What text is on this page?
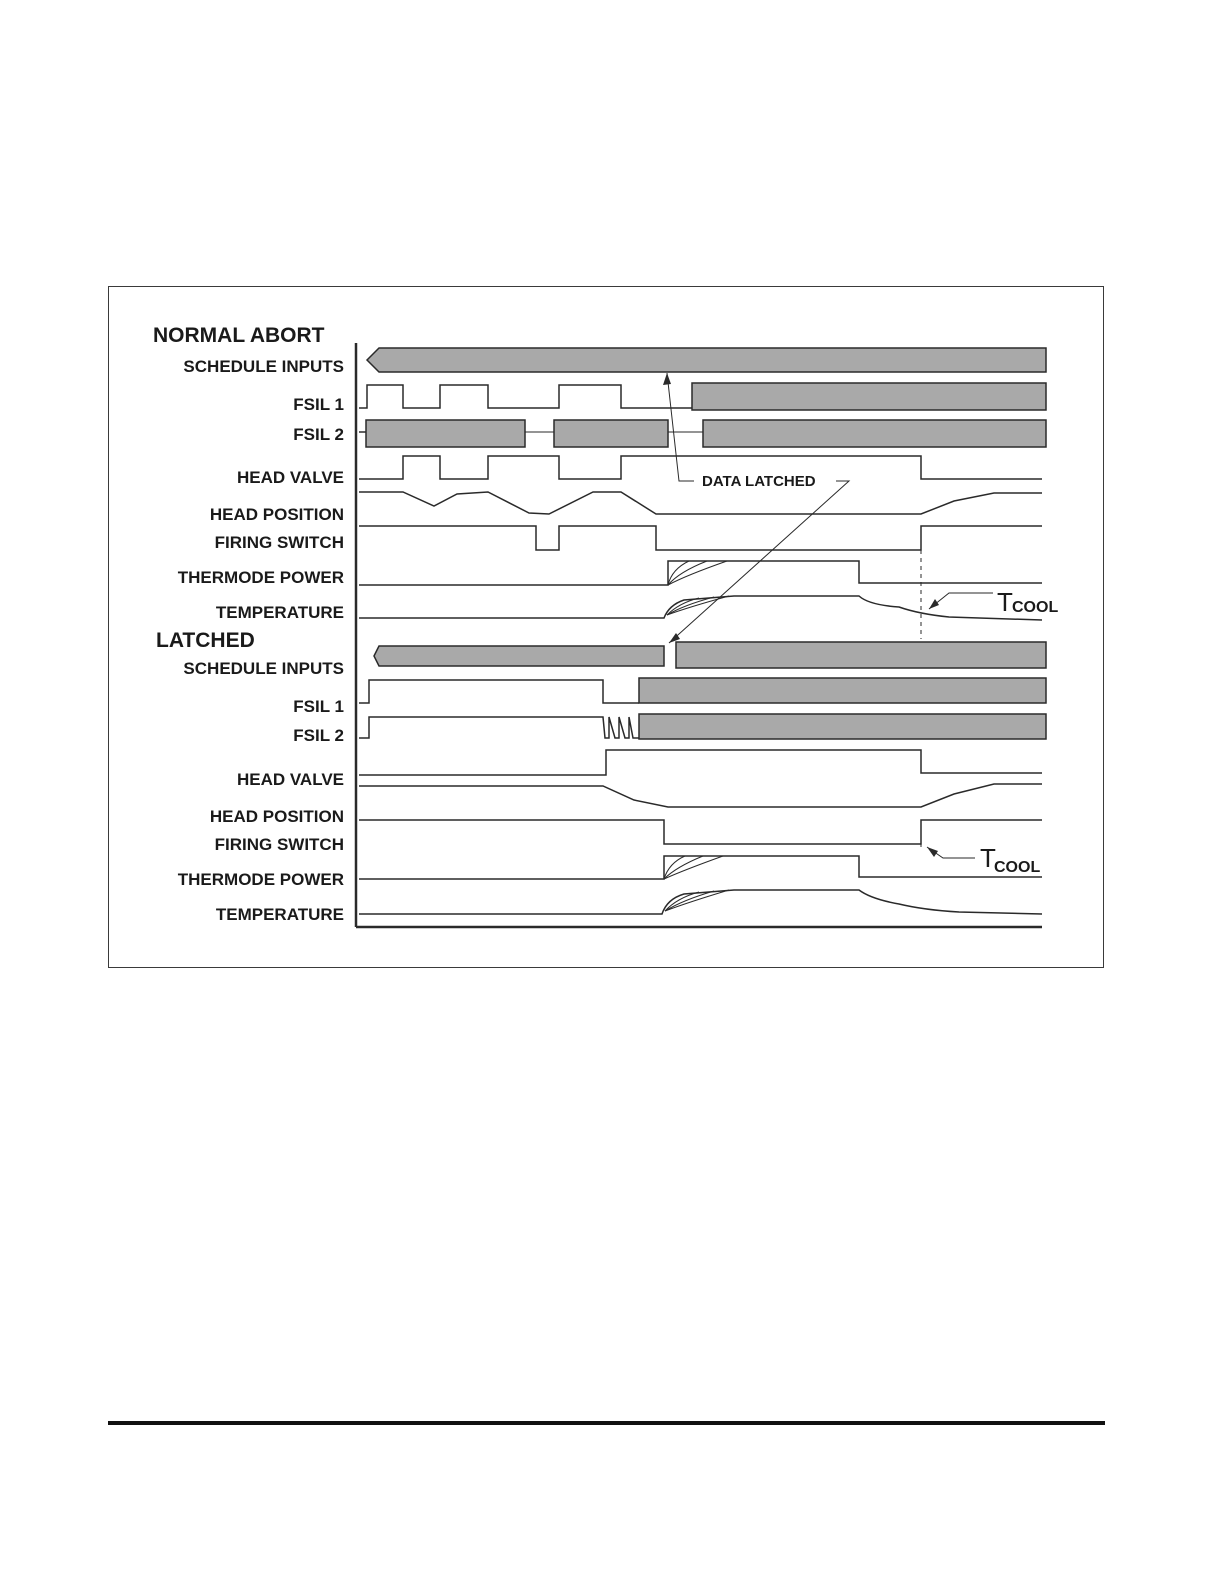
NORMAL ABORT
SCHEDULE INPUTS
FSIL 1
FSIL 2
HEAD VALVE
HEAD POSITION
FIRING SWITCH
THERMODE POWER
TEMPERATURE
LATCHED
SCHEDULE INPUTS
FSIL 1
FSIL 2
HEAD VALVE
HEAD POSITION
FIRING SWITCH
THERMODE POWER
TEMPERATURE
DATA LATCHED
T COOL
T
COOL
